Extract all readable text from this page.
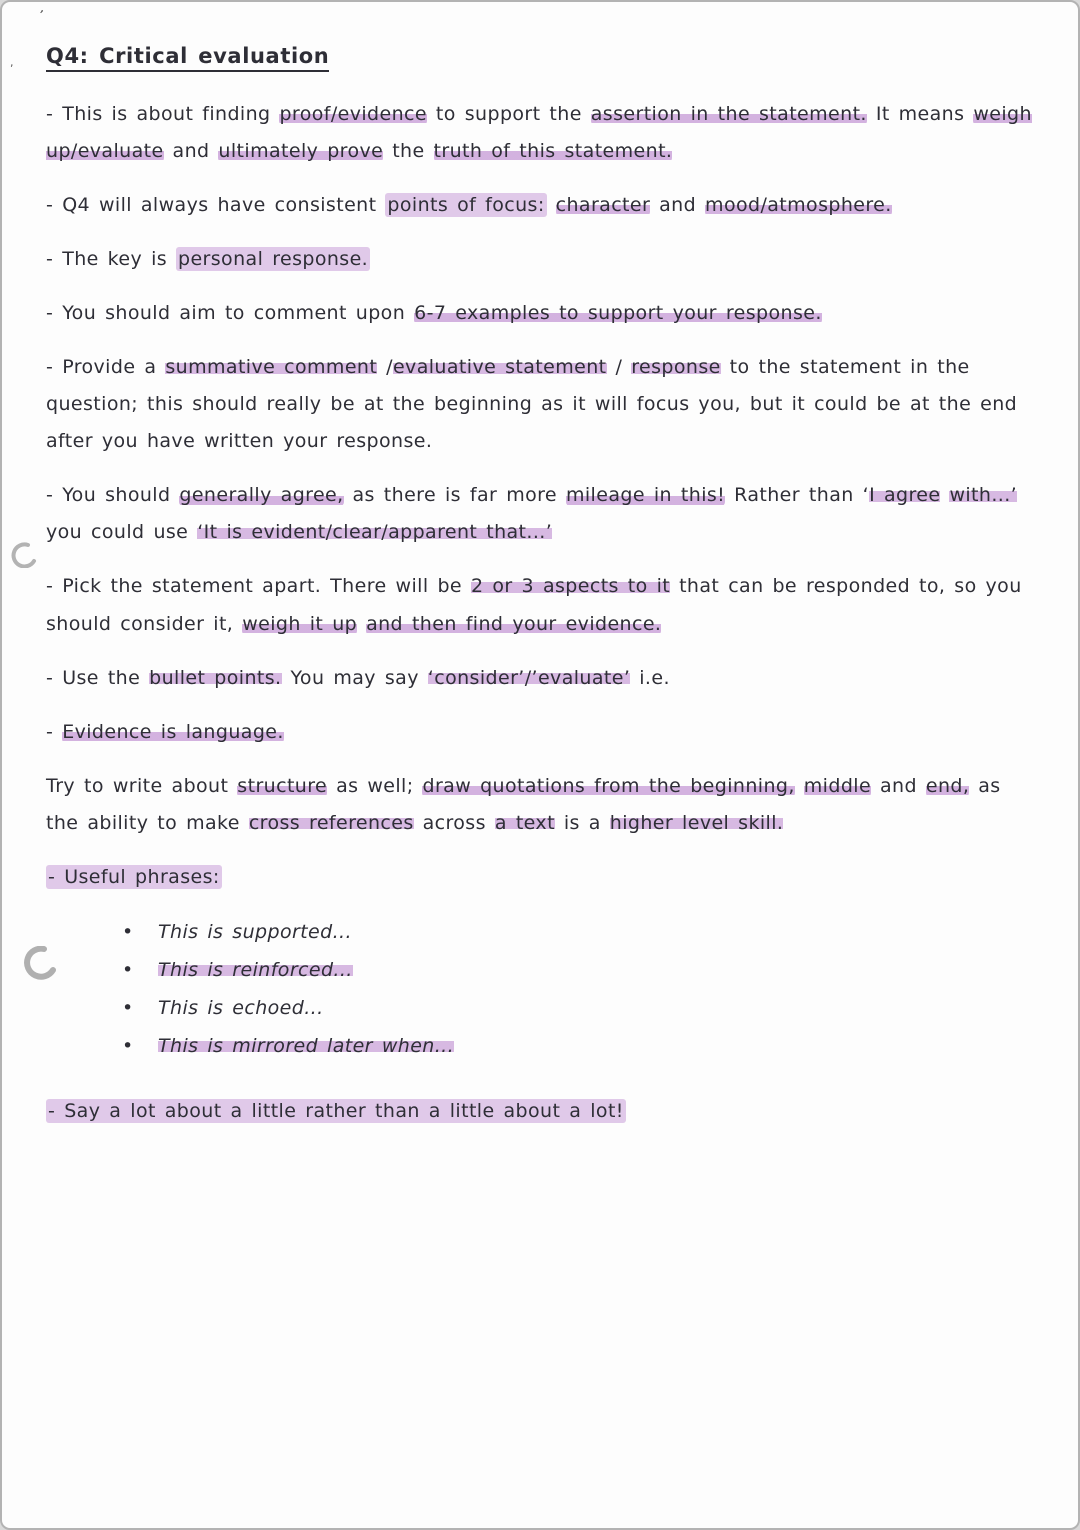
’
,	Q4: Critical evaluation

- This is about finding proof/evidence to support the assertion in the statement. It means weigh up/evaluate and ultimately prove the truth of this statement.

- Q4 will always have consistent points of focus: character and mood/atmosphere.

- The key is personal response.

- You should aim to comment upon 6-7 examples to support your response.

- Provide a summative comment /evaluative statement / response to the statement in the question; this should really be at the beginning as it will focus you, but it could be at the end after you have written your response.

- You should generally agree, as there is far more mileage in this! Rather than ‘I agree with...’ you could use ‘It is evident/clear/apparent that...’

- Pick the statement apart. There will be 2 or 3 aspects to it that can be responded to, so you should consider it, weigh it up and then find your evidence.

- Use the bullet points. You may say ‘consider’/’evaluate’ i.e.

- Evidence is language.

Try to write about structure as well; draw quotations from the beginning, middle and end, as the ability to make cross references across a text is a higher level skill.

- Useful phrases:

• This is supported...
• This is reinforced...
• This is echoed...
• This is mirrored later when...

- Say a lot about a little rather than a little about a lot!
